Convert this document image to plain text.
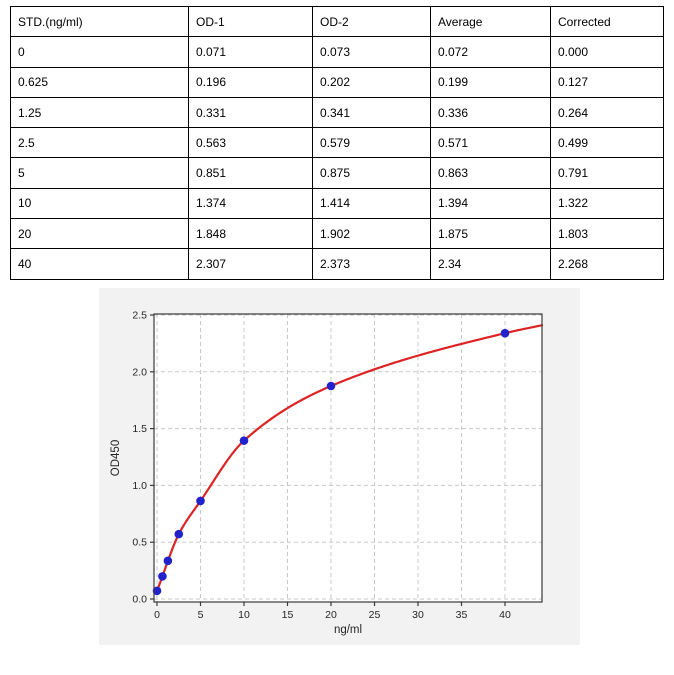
STD.(ng/ml)	OD-1	OD-2	Average	Corrected
0	0.071	0.073	0.072	0.000
0.625	0.196	0.202	0.199	0.127
1.25	0.331	0.341	0.336	0.264
2.5	0.563	0.579	0.571	0.499
5	0.851	0.875	0.863	0.791
10	1.374	1.414	1.394	1.322
20	1.848	1.902	1.875	1.803
40	2.307	2.373	2.34	2.268
0	5	10	15	20	25	30	35	40
0.0
0.5
1.0
1.5
2.0
2.5
ng/ml
OD450
